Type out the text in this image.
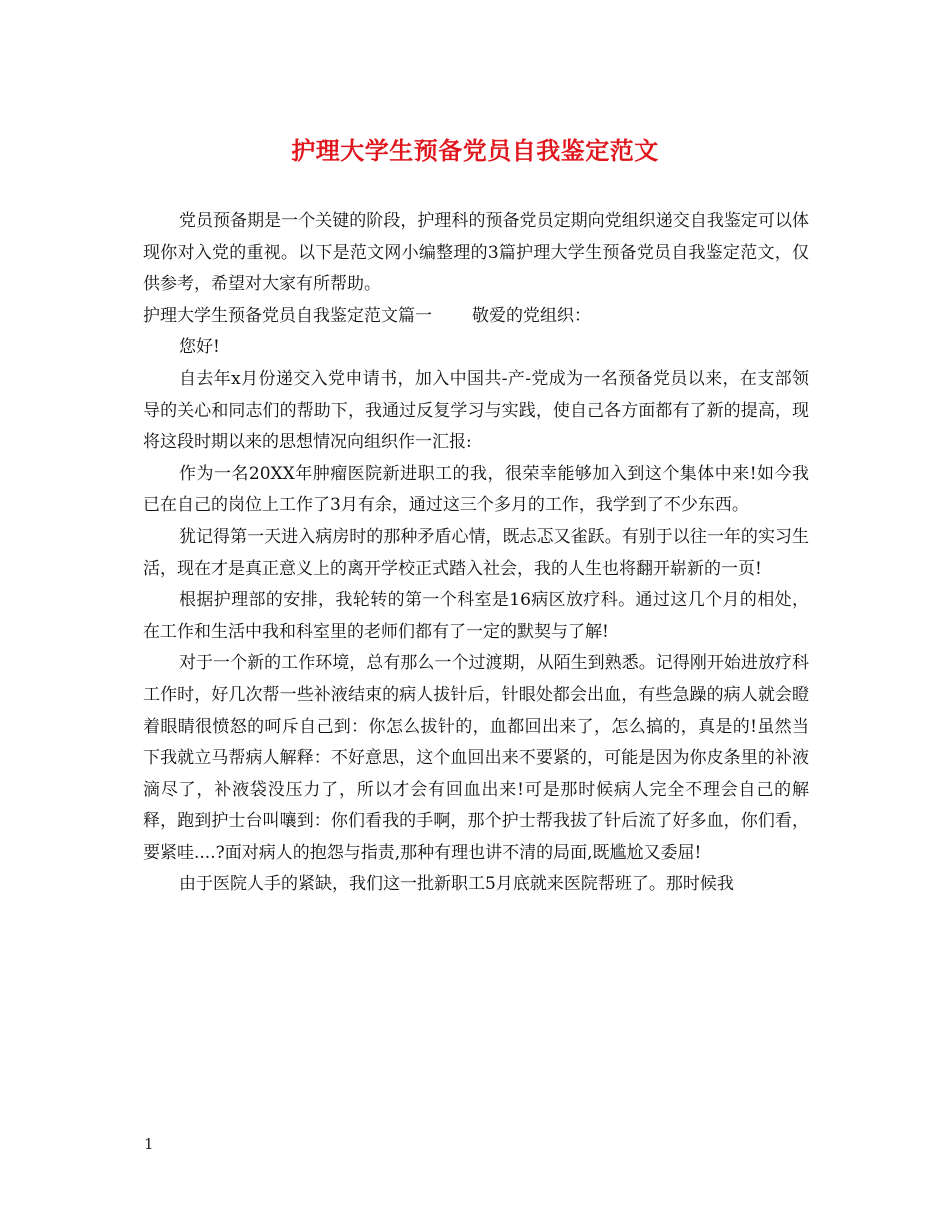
护理大学生预备党员自我鉴定范文

党员预备期是一个关键的阶段，护理科的预备党员定期向党组织递交自我鉴定可以体现你对入党的重视。以下是范文网小编整理的3篇护理大学生预备党员自我鉴定范文，仅供参考，希望对大家有所帮助。

护理大学生预备党员自我鉴定范文篇一 敬爱的党组织：

您好!

自去年x月份递交入党申请书，加入中国共-产-党成为一名预备党员以来，在支部领导的关心和同志们的帮助下，我通过反复学习与实践，使自己各方面都有了新的提高，现将这段时期以来的思想情况向组织作一汇报:

作为一名20XX年肿瘤医院新进职工的我，很荣幸能够加入到这个集体中来!如今我已在自己的岗位上工作了3月有余，通过这三个多月的工作，我学到了不少东西。

犹记得第一天进入病房时的那种矛盾心情，既忐忑又雀跃。有别于以往一年的实习生活，现在才是真正意义上的离开学校正式踏入社会，我的人生也将翻开崭新的一页!

根据护理部的安排，我轮转的第一个科室是16病区放疗科。通过这几个月的相处，在工作和生活中我和科室里的老师们都有了一定的默契与了解!

对于一个新的工作环境，总有那么一个过渡期，从陌生到熟悉。记得刚开始进放疗科工作时，好几次帮一些补液结束的病人拔针后，针眼处都会出血，有些急躁的病人就会瞪着眼睛很愤怒的呵斥自己到：你怎么拔针的，血都回出来了，怎么搞的，真是的!虽然当下我就立马帮病人解释：不好意思，这个血回出来不要紧的，可能是因为你皮条里的补液滴尽了，补液袋没压力了，所以才会有回血出来!可是那时候病人完全不理会自己的解释，跑到护士台叫嚷到：你们看我的手啊，那个护士帮我拔了针后流了好多血，你们看，要紧哇....?面对病人的抱怨与指责,那种有理也讲不清的局面,既尴尬又委屈!

由于医院人手的紧缺，我们这一批新职工5月底就来医院帮班了。那时候我

1
